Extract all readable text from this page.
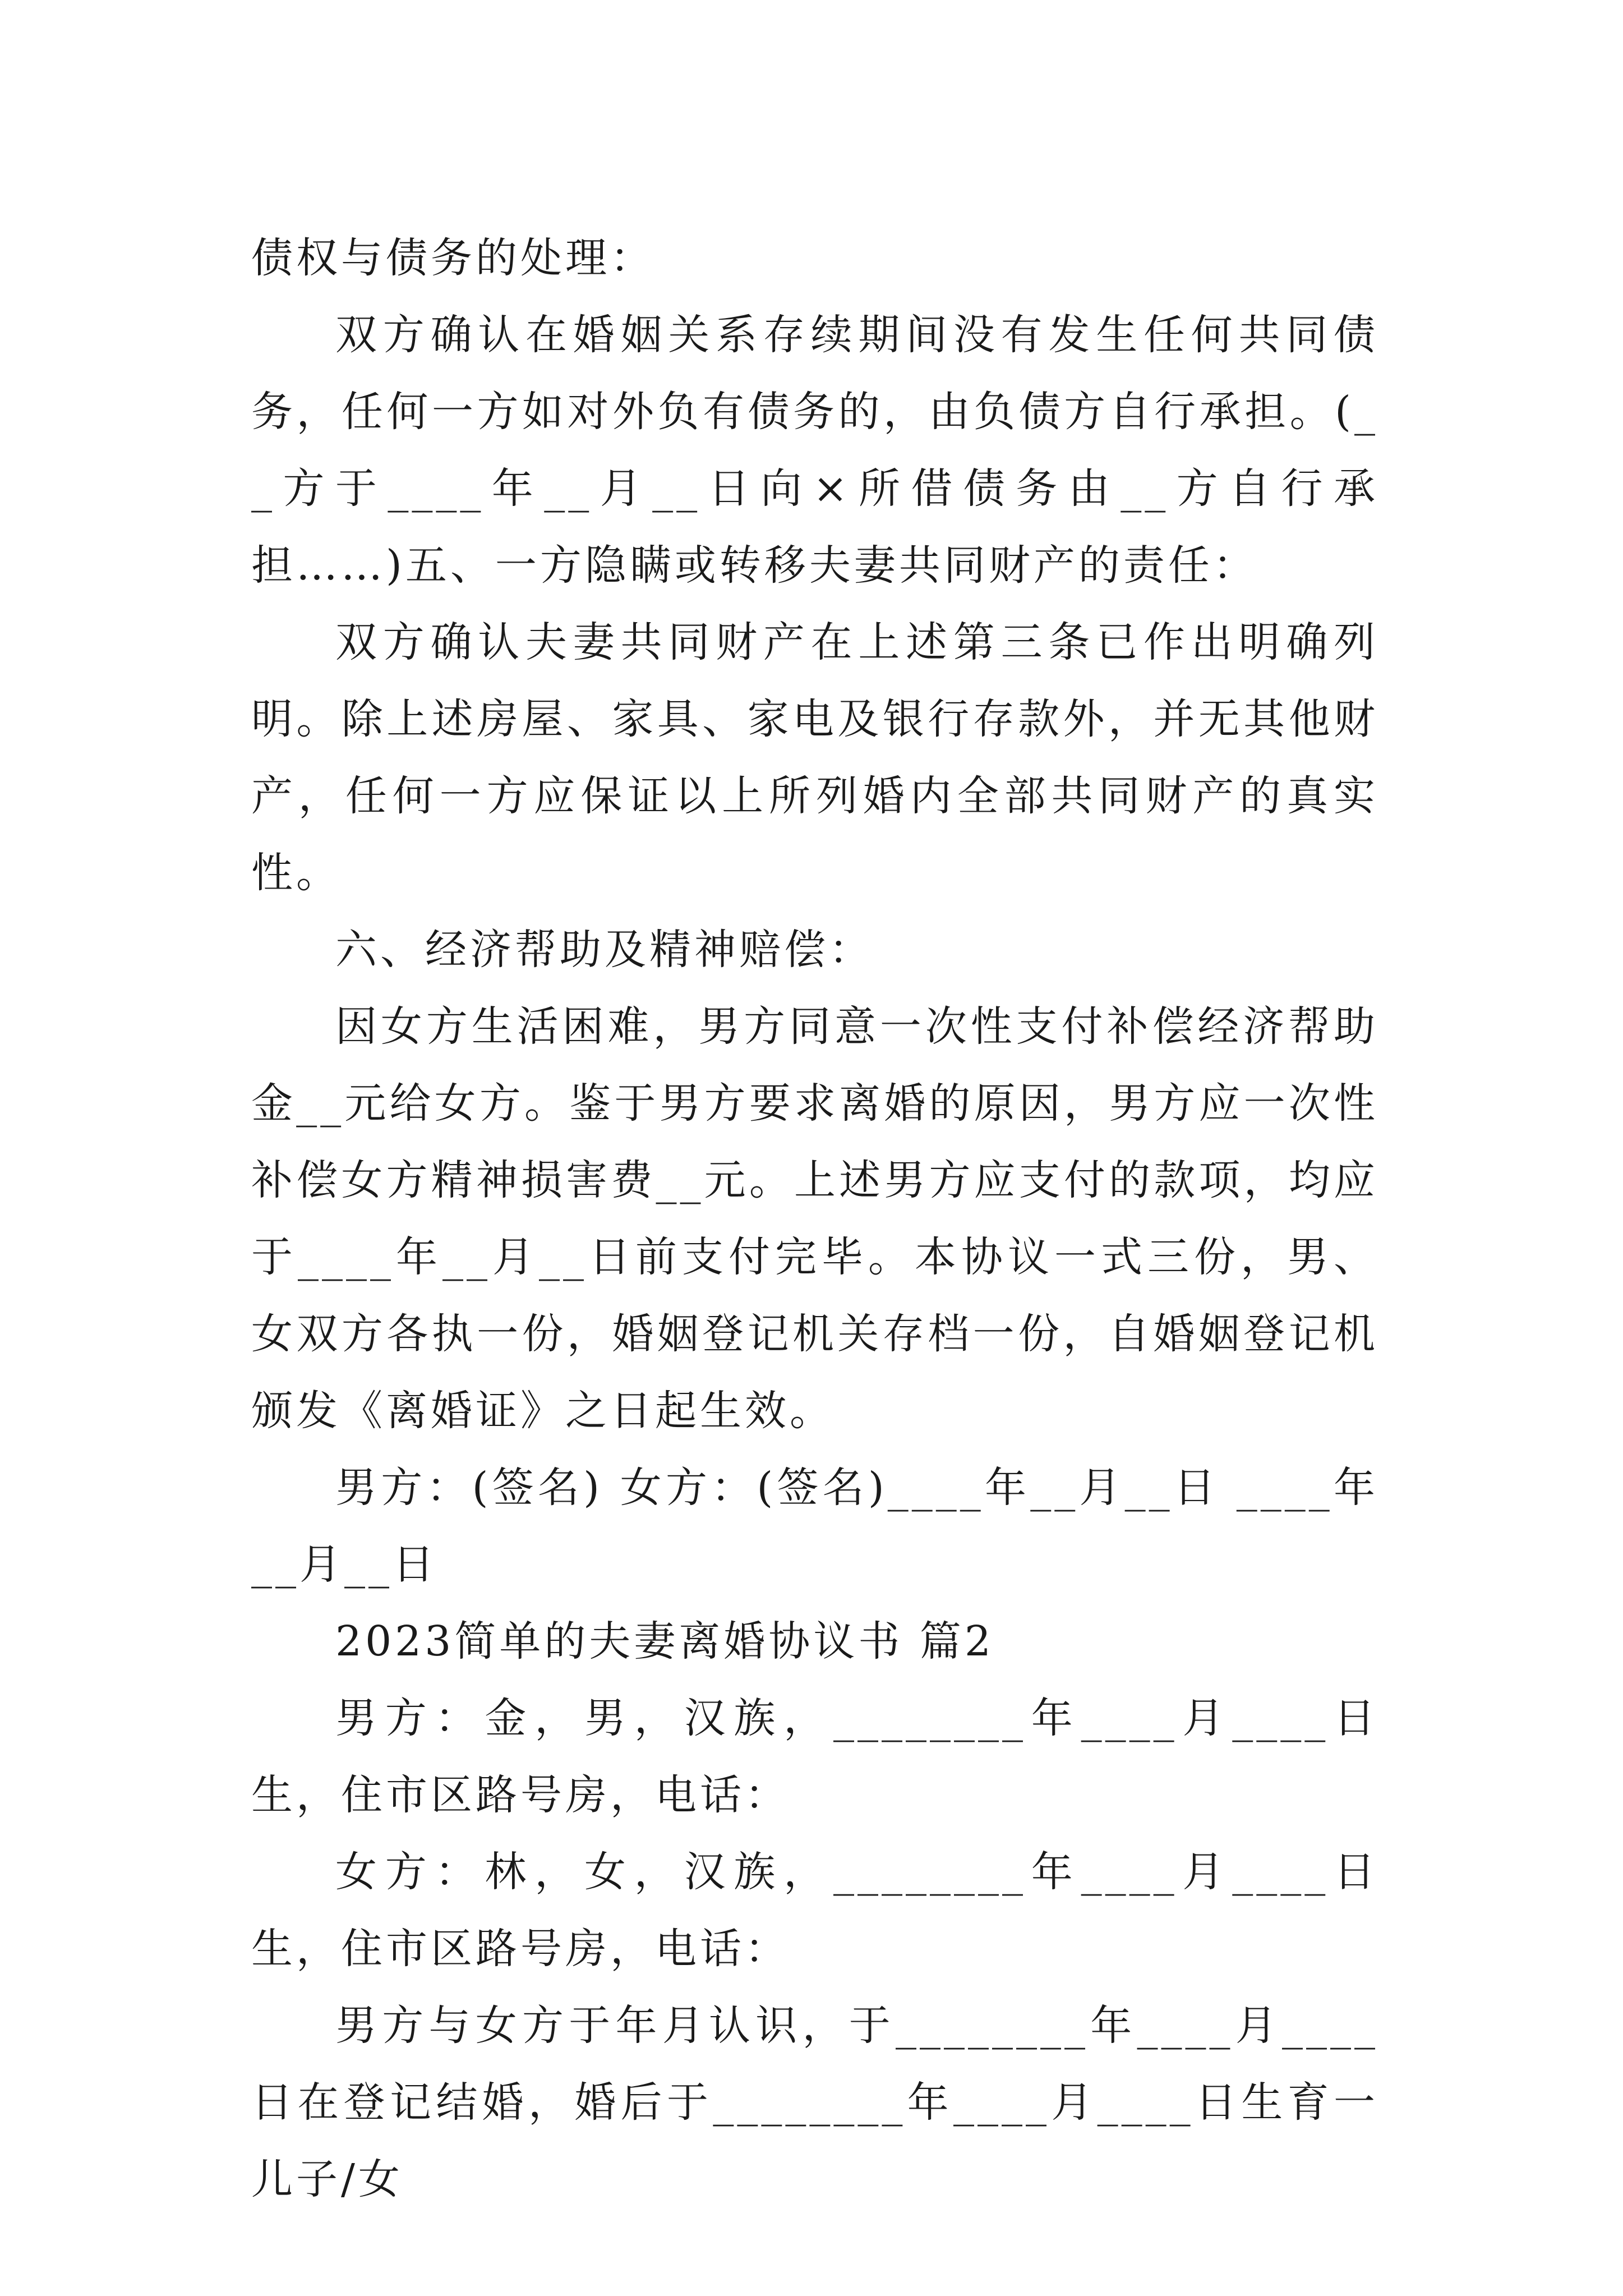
债权与债务的处理：

双方确认在婚姻关系存续期间没有发生任何共同债务，任何一方如对外负有债务的，由负债方自行承担。(__方于____年__月__日向×所借债务由__方自行承担……)五、一方隐瞒或转移夫妻共同财产的责任：

双方确认夫妻共同财产在上述第三条已作出明确列明。除上述房屋、家具、家电及银行存款外，并无其他财产，任何一方应保证以上所列婚内全部共同财产的真实性。

六、经济帮助及精神赔偿：

因女方生活困难，男方同意一次性支付补偿经济帮助金__元给女方。鉴于男方要求离婚的原因，男方应一次性补偿女方精神损害费__元。上述男方应支付的款项，均应于____年__月__日前支付完毕。本协议一式三份，男、女双方各执一份，婚姻登记机关存档一份，自婚姻登记机颁发《离婚证》之日起生效。

男方：(签名) 女方：(签名)____年__月__日 ____年__月__日

2023简单的夫妻离婚协议书 篇2

男方：金，男，汉族，________年____月____日生，住市区路号房，电话：

女方：林，女，汉族，________年____月____日生，住市区路号房，电话：

男方与女方于年月认识，于________年____月____日在登记结婚，婚后于________年____月____日生育一儿子/女
